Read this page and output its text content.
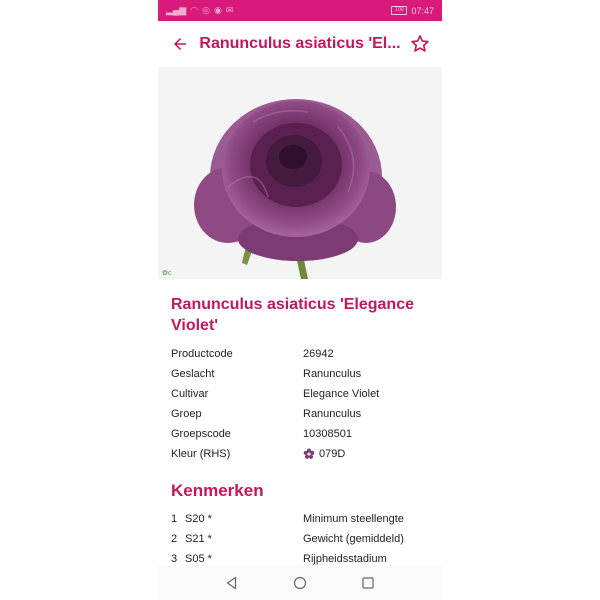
▂▄▆ ◠ ◎ ◉ ✉	100 07:47
Ranunculus asiaticus 'El...
✿c
Ranunculus asiaticus 'Elegance Violet'
Productcode	26942
Geslacht	Ranunculus
Cultivar	Elegance Violet
Groep	Ranunculus
Groepscode	10308501
Kleur (RHS)	079D
Kenmerken
1 S20 *	Minimum steellengte
2 S21 *	Gewicht (gemiddeld)
3 S05 *	Rijpheidsstadium
